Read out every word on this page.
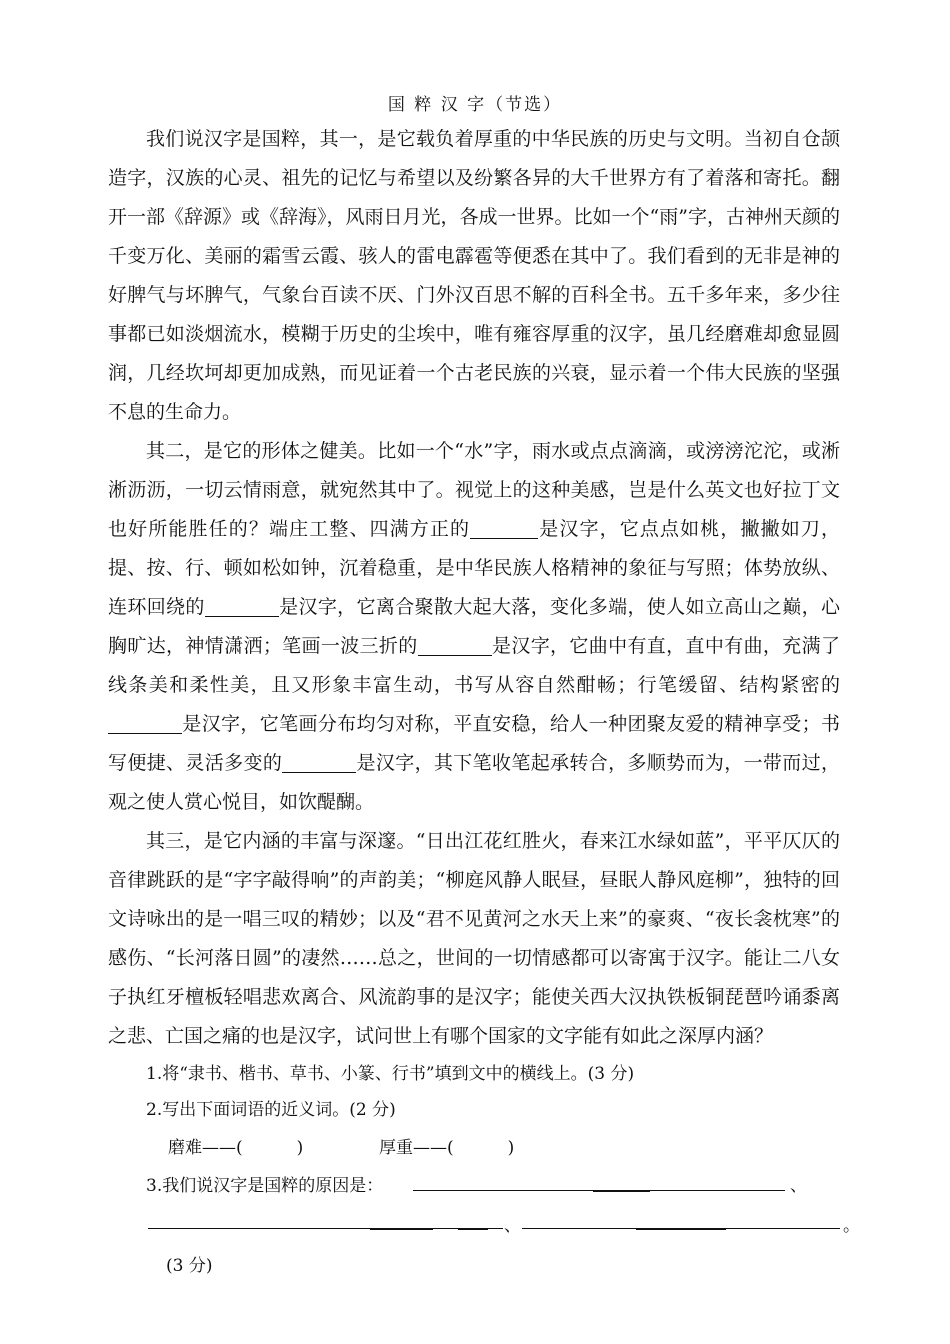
国 粹 汉 字（节选）

我们说汉字是国粹，其一，是它载负着厚重的中华民族的历史与文明。当初自仓颉造字，汉族的心灵、祖先的记忆与希望以及纷繁各异的大千世界方有了着落和寄托。翻开一部《辞源》或《辞海》，风雨日月光，各成一世界。比如一个“雨”字，古神州天颜的千变万化、美丽的霜雪云霞、骇人的雷电霹雹等便悉在其中了。我们看到的无非是神的好脾气与坏脾气，气象台百读不厌、门外汉百思不解的百科全书。五千多年来，多少往事都已如淡烟流水，模糊于历史的尘埃中，唯有雍容厚重的汉字，虽几经磨难却愈显圆润，几经坎坷却更加成熟，而见证着一个古老民族的兴衰，显示着一个伟大民族的坚强不息的生命力。

其二，是它的形体之健美。比如一个“水”字，雨水或点点滴滴，或滂滂沱沱，或淅淅沥沥，一切云情雨意，就宛然其中了。视觉上的这种美感，岂是什么英文也好拉丁文也好所能胜任的？端庄工整、四满方正的	是汉字，它点点如桃，撇撇如刀，提、按、行、顿如松如钟，沉着稳重，是中华民族人格精神的象征与写照；体势放纵、连环回绕的	是汉字，它离合聚散大起大落，变化多端，使人如立高山之巅，心胸旷达，神情潇洒；笔画一波三折的	是汉字，它曲中有直，直中有曲，充满了线条美和柔性美，且又形象丰富生动，书写从容自然酣畅；行笔缓留、结构紧密的是汉字，它笔画分布均匀对称，平直安稳，给人一种团聚友爱的精神享受；书写便捷、灵活多变的	是汉字，其下笔收笔起承转合，多顺势而为，一带而过，观之使人赏心悦目，如饮醍醐。

其三，是它内涵的丰富与深邃。“日出江花红胜火，春来江水绿如蓝”，平平仄仄的音律跳跃的是“字字敲得响”的声韵美；“柳庭风静人眠昼，昼眠人静风庭柳”，独特的回文诗咏出的是一唱三叹的精妙；以及“君不见黄河之水天上来”的豪爽、“夜长衾枕寒”的感伤、“长河落日圆”的凄然……总之，世间的一切情感都可以寄寓于汉字。能让二八女子执红牙檀板轻唱悲欢离合、风流韵事的是汉字；能使关西大汉执铁板铜琵琶吟诵黍离之悲、亡国之痛的也是汉字，试问世上有哪个国家的文字能有如此之深厚内涵？

1.将“隶书、楷书、草书、小篆、行书”填到文中的横线上。(3 分)
2.写出下面词语的近义词。(2 分)
磨难——(          )              厚重——(          )
3.我们说汉字是国粹的原因是：	、
、	。
(3 分)
